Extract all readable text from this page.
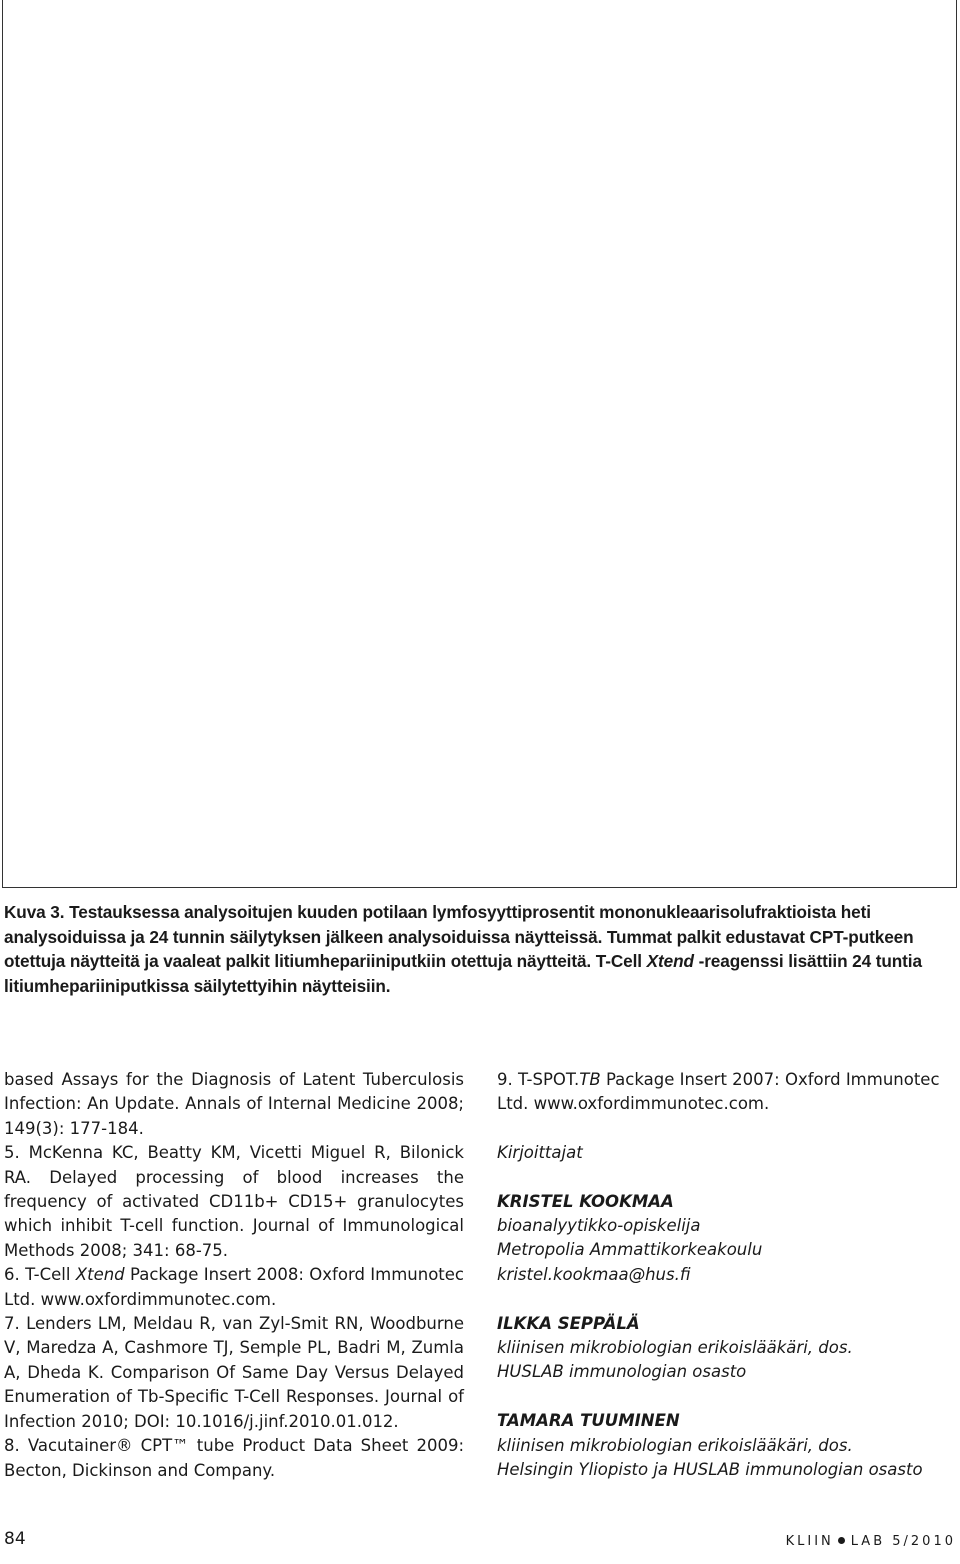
Kuva 3. Testauksessa analysoitujen kuuden potilaan lymfosyyttiprosentit mononukleaarisolufraktioista heti analysoiduissa ja 24 tunnin säilytyksen jälkeen analysoiduissa näytteissä. Tummat palkit edustavat CPT-putkeen otettuja näytteitä ja vaaleat palkit litiumhepariiniputkiin otettuja näytteitä. T-Cell Xtend -reagenssi lisättiin 24 tuntia litiumhepariiniputkissa säilytettyihin näytteisiin.

based Assays for the Diagnosis of Latent Tuberculosis Infection: An Update. Annals of Internal Medicine 2008; 149(3): 177-184.

5. McKenna KC, Beatty KM, Vicetti Miguel R, Bilonick RA. Delayed processing of blood increases the frequency of activated CD11b+ CD15+ granulocytes which inhibit T-cell function. Journal of Immunological Methods 2008; 341: 68-75.

6. T-Cell Xtend Package Insert 2008: Oxford Immunotec Ltd. www.oxfordimmunotec.com.

7. Lenders LM, Meldau R, van Zyl-Smit RN, Woodburne V, Maredza A, Cashmore TJ, Semple PL, Badri M, Zumla A, Dheda K. Comparison Of Same Day Versus Delayed Enumeration of Tb-Specific T-Cell Responses. Journal of Infection 2010; DOI: 10.1016/j.jinf.2010.01.012.

8. Vacutainer® CPT™ tube Product Data Sheet 2009: Becton, Dickinson and Company.

9. T-SPOT.TB Package Insert 2007: Oxford Immunotec Ltd. www.oxfordimmunotec.com.

Kirjoittajat

KRISTEL KOOKMAA
bioanalyytikko-opiskelija
Metropolia Ammattikorkeakoulu
kristel.kookmaa@hus.fi
ILKKA SEPPÄLÄ
kliinisen mikrobiologian erikoislääkäri, dos.
HUSLAB immunologian osasto
TAMARA TUUMINEN
kliinisen mikrobiologian erikoislääkäri, dos.
Helsingin Yliopisto ja HUSLAB immunologian osasto
84	KLIIN LAB 5/2010
